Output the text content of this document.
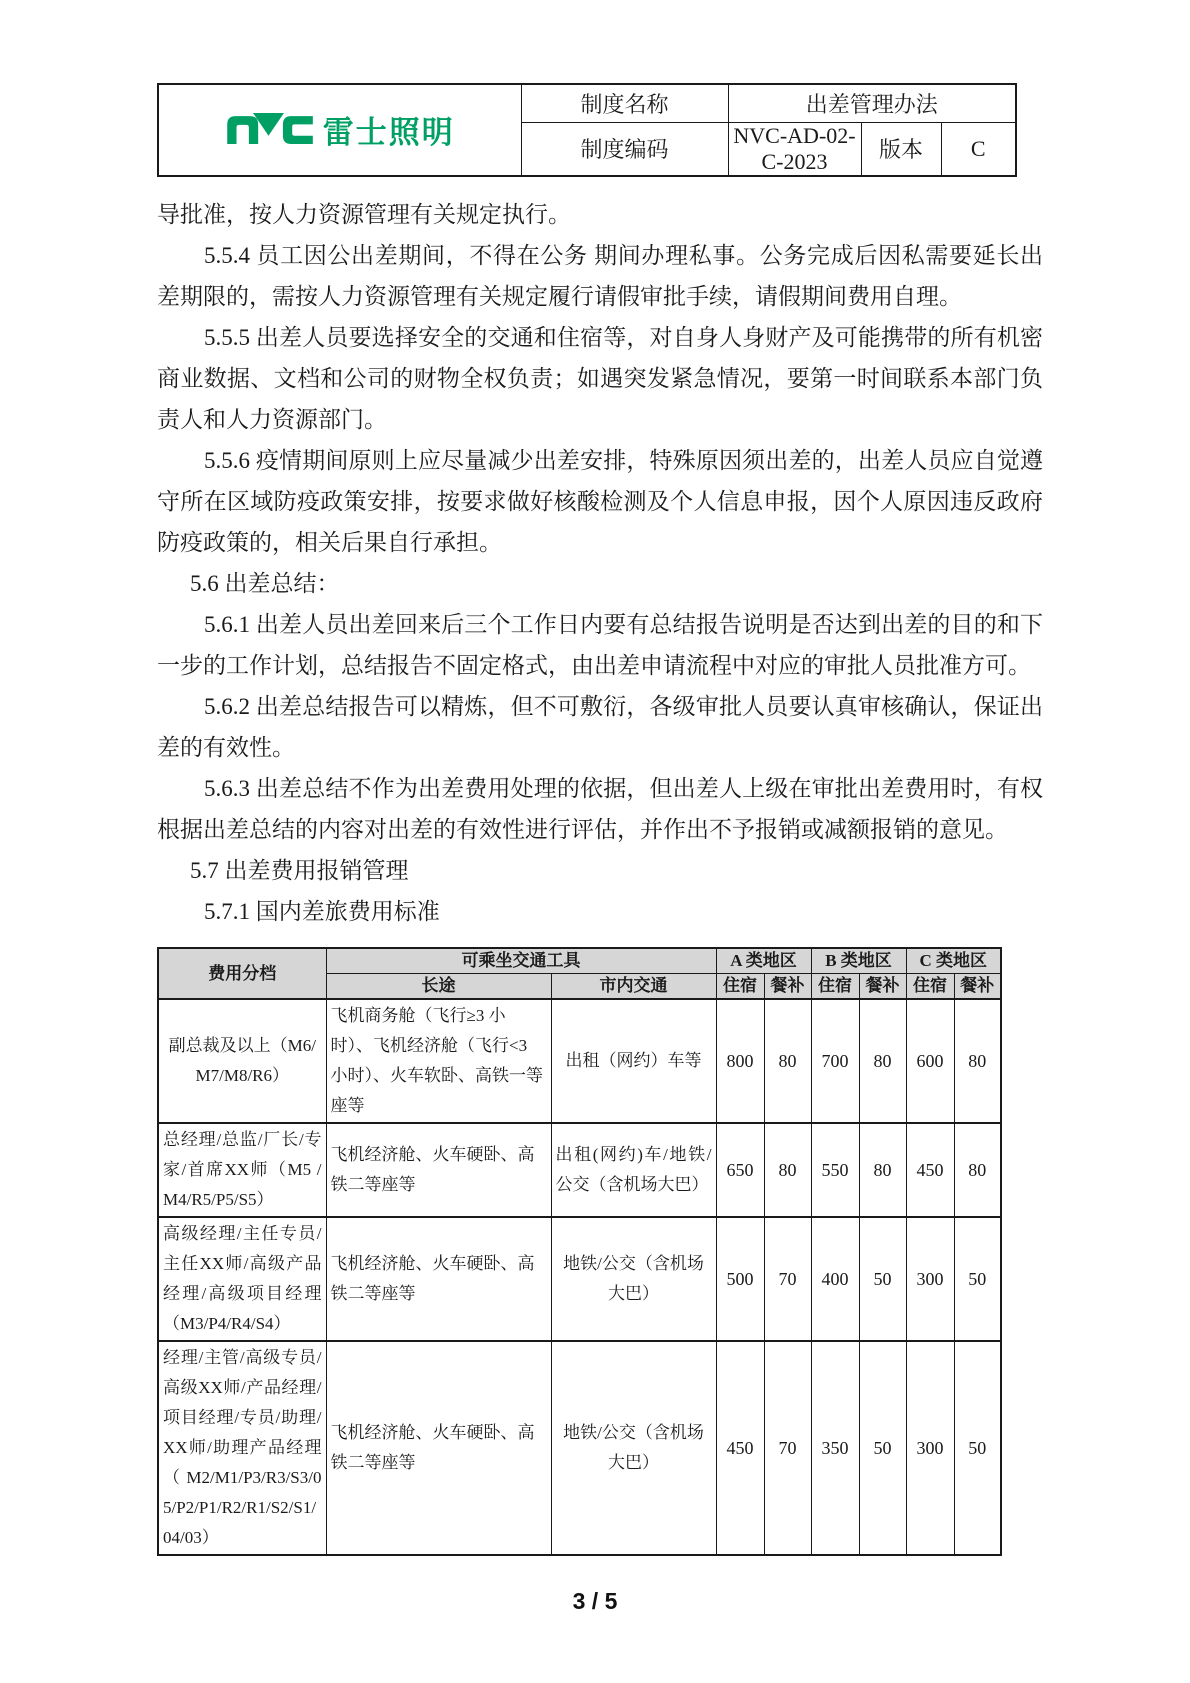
雷士照明	制度名称	出差管理办法		
	制度编码	NVC-AD-02-C-2023	版本	C

导批准，按人力资源管理有关规定执行。

5.5.4 员工因公出差期间，不得在公务 期间办理私事。公务完成后因私需要延长出差期限的，需按人力资源管理有关规定履行请假审批手续，请假期间费用自理。

5.5.5 出差人员要选择安全的交通和住宿等，对自身人身财产及可能携带的所有机密商业数据、文档和公司的财物全权负责；如遇突发紧急情况，要第一时间联系本部门负责人和人力资源部门。

5.5.6 疫情期间原则上应尽量减少出差安排，特殊原因须出差的，出差人员应自觉遵守所在区域防疫政策安排，按要求做好核酸检测及个人信息申报，因个人原因违反政府防疫政策的，相关后果自行承担。

5.6 出差总结：

5.6.1 出差人员出差回来后三个工作日内要有总结报告说明是否达到出差的目的和下一步的工作计划，总结报告不固定格式，由出差申请流程中对应的审批人员批准方可。

5.6.2 出差总结报告可以精炼，但不可敷衍，各级审批人员要认真审核确认，保证出差的有效性。

5.6.3 出差总结不作为出差费用处理的依据，但出差人上级在审批出差费用时，有权根据出差总结的内容对出差的有效性进行评估，并作出不予报销或减额报销的意见。

5.7 出差费用报销管理

5.7.1 国内差旅费用标准

费用分档	可乘坐交通工具		A 类地区		B 类地区		C 类地区	
	长途	市内交通	住宿	餐补	住宿	餐补	住宿	餐补
副总裁及以上（M6/M7/M8/R6）	飞机商务舱（飞行≥3 小时）、飞机经济舱（飞行<3 小时）、火车软卧、高铁一等座等	出租（网约）车等	800	80	700	80	600	80
总经理/总监/厂长/专家/首席XX师（M5 /M4/R5/P5/S5）	飞机经济舱、火车硬卧、高铁二等座等	出租(网约)车/地铁/公交（含机场大巴）	650	80	550	80	450	80
高级经理/主任专员/主任XX师/高级产品经理/高级项目经理（M3/P4/R4/S4）	飞机经济舱、火车硬卧、高铁二等座等	地铁/公交（含机场大巴）	500	70	400	50	300	50
经理/主管/高级专员/高级XX师/产品经理/项目经理/专员/助理/XX师/助理产品经理（M2/M1/P3/R3/S3/05/P2/P1/R2/R1/S2/S1/04/03）	飞机经济舱、火车硬卧、高铁二等座等	地铁/公交（含机场大巴）	450	70	350	50	300	50
3 / 5
